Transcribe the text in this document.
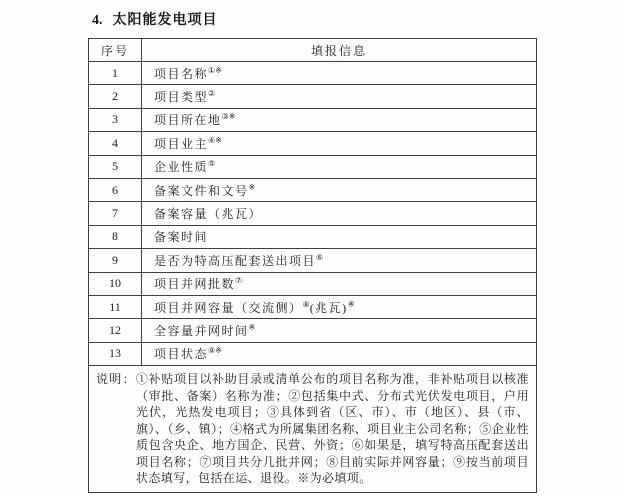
4. 太阳能发电项目
序号	填报信息
1	项目名称①※
2	项目类型②
3	项目所在地③※
4	项目业主④※
5	企业性质⑤
6	备案文件和文号※
7	备案容量（兆瓦）
8	备案时间
9	是否为特高压配套送出项目⑥
10	项目并网批数⑦
11	项目并网容量（交流侧）⑧(兆瓦)※
12	全容量并网时间※
13	项目状态⑨※

说明：①补贴项目以补助目录或清单公布的项目名称为准，非补贴项目以核准（审批、备案）名称为准；②包括集中式、分布式光伏发电项目，户用光伏，光热发电项目；③具体到省（区、市）、市（地区）、县（市、旗）、（乡、镇）；④格式为所属集团名称、项目业主公司名称；⑤企业性质包含央企、地方国企、民营、外资；⑥如果是，填写特高压配套送出项目名称；⑦项目共分几批并网；⑧目前实际并网容量；⑨按当前项目状态填写，包括在运、退役。※为必填项。	
